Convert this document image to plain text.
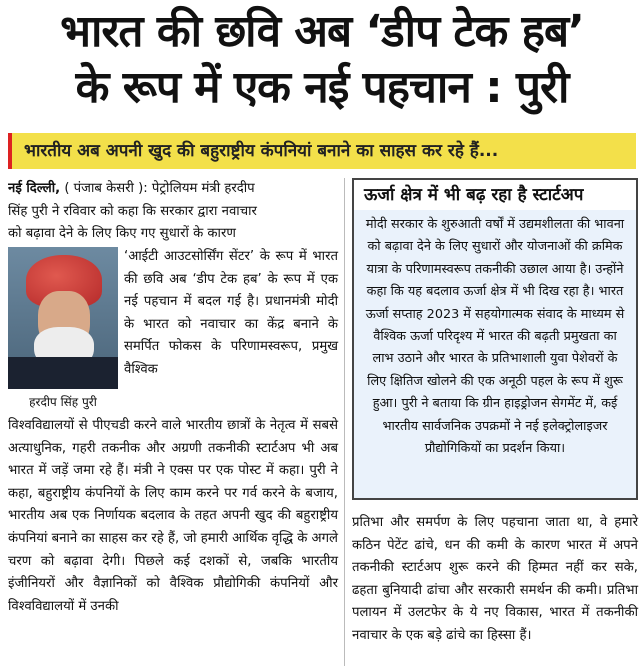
भारत की छवि अब ‘डीप टेक हब’
के रूप में एक नई पहचान : पुरी
भारतीय अब अपनी खुद की बहुराष्ट्रीय कंपनियां बनाने का साहस कर रहे हैं...
नई दिल्ली, ( पंजाब केसरी ): पेट्रोलियम मंत्री हरदीप
सिंह पुरी ने रविवार को कहा कि सरकार द्वारा नवाचार
को बढ़ावा देने के लिए किए गए सुधारों के कारण
हरदीप सिंह पुरी
‘आईटी आउटसोर्सिंग सेंटर’ के रूप में भारत की छवि अब ‘डीप टेक हब’ के रूप में एक नई पहचान में बदल गई है। प्रधानमंत्री मोदी के भारत को नवाचार का केंद्र बनाने के समर्पित फोकस के परिणामस्वरूप, प्रमुख वैश्विक
विश्वविद्यालयों से पीएचडी करने वाले भारतीय छात्रों के नेतृत्व में सबसे अत्याधुनिक, गहरी तकनीक और अग्रणी तकनीकी स्टार्टअप भी अब भारत में जड़ें जमा रहे हैं। मंत्री ने एक्स पर एक पोस्ट में कहा। पुरी ने कहा, बहुराष्ट्रीय कंपनियों के लिए काम करने पर गर्व करने के बजाय, भारतीय अब एक निर्णायक बदलाव के तहत अपनी खुद की बहुराष्ट्रीय कंपनियां बनाने का साहस कर रहे हैं, जो हमारी आर्थिक वृद्धि के अगले चरण को बढ़ावा देगी। पिछले कई दशकों से, जबकि भारतीय इंजीनियरों और वैज्ञानिकों को वैश्विक प्रौद्योगिकी कंपनियों और विश्वविद्यालयों में उनकी
ऊर्जा क्षेत्र में भी बढ़ रहा है स्टार्टअप
मोदी सरकार के शुरुआती वर्षों में उद्यमशीलता की भावना को बढ़ावा देने के लिए सुधारों और योजनाओं की क्रमिक यात्रा के परिणामस्वरूप तकनीकी उछाल आया है। उन्होंने कहा कि यह बदलाव ऊर्जा क्षेत्र में भी दिख रहा है। भारत ऊर्जा सप्ताह 2023 में सहयोगात्मक संवाद के माध्यम से वैश्विक ऊर्जा परिदृश्य में भारत की बढ़ती प्रमुखता का लाभ उठाने और भारत के प्रतिभाशाली युवा पेशेवरों के लिए क्षितिज खोलने की एक अनूठी पहल के रूप में शुरू हुआ। पुरी ने बताया कि ग्रीन हाइड्रोजन सेगमेंट में, कई भारतीय सार्वजनिक उपक्रमों ने नई इलेक्ट्रोलाइजर प्रौद्योगिकियों का प्रदर्शन किया।
प्रतिभा और समर्पण के लिए पहचाना जाता था, वे हमारे कठिन पेटेंट ढांचे, धन की कमी के कारण भारत में अपने तकनीकी स्टार्टअप शुरू करने की हिम्मत नहीं कर सके, ढहता बुनियादी ढांचा और सरकारी समर्थन की कमी। प्रतिभा पलायन में उलटफेर के ये नए विकास, भारत में तकनीकी नवाचार के एक बड़े ढांचे का हिस्सा हैं।
